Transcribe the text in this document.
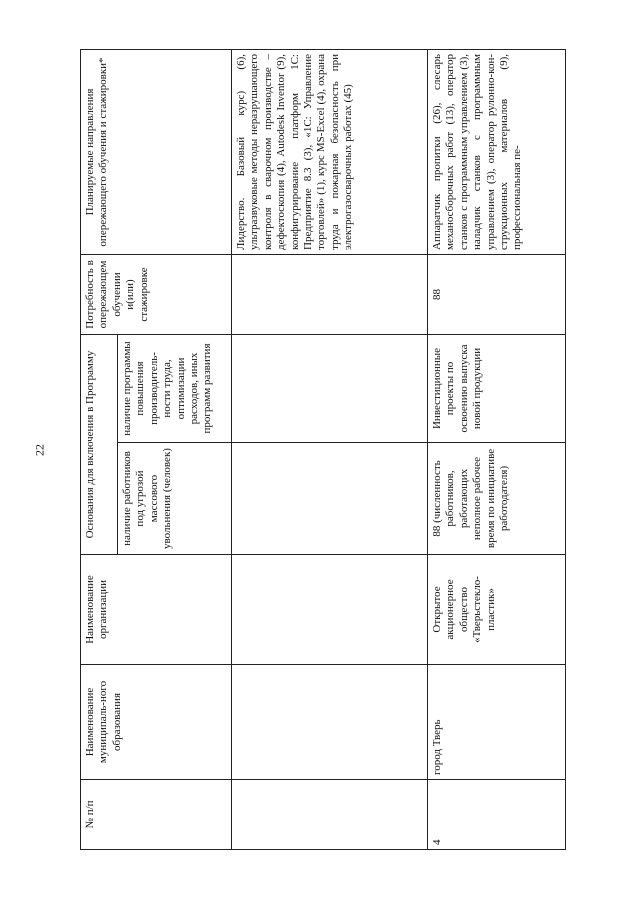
22
№ п/п	Наименование муниципаль-ного образования	Наименование организации	Основания для включения в Программу		Потребность в опережающем обучении и(или) стажировке	Планируемые направления опережающего обучения и стажировки*
			наличие работников под угрозой массового увольнения (человек)	наличие программы повышения производитель-ности труда, оптимизации расходов, иных программ развития		
						Лидерство. Базовый курс) (6), ультразвуковые методы неразрушающего контроля в сварочном производстве – дефектоскопия (4), Autodesk Inventor (9), конфигурирование платформ 1С: Предприятие 8.3 (3), «1С: Управление торговлей» (1), курс MS-Excel (4), охрана труда и пожарная безопасность при электрогазосварочных работах (45)
4	город Тверь	Открытое акционерное общество «Тверьстекло-пластик»	88 (численность работников, работающих неполное рабочее время по инициативе работодателя)	Инвестиционные проекты по освоению выпуска новой продукции	88	Аппаратчик пропитки (26), слесарь механосборочных работ (13), оператор станков с программным управлением (3), наладчик станков с программным управлением (3), оператор рулонно-кон-струкционных материалов (9), профессиональная пе-
